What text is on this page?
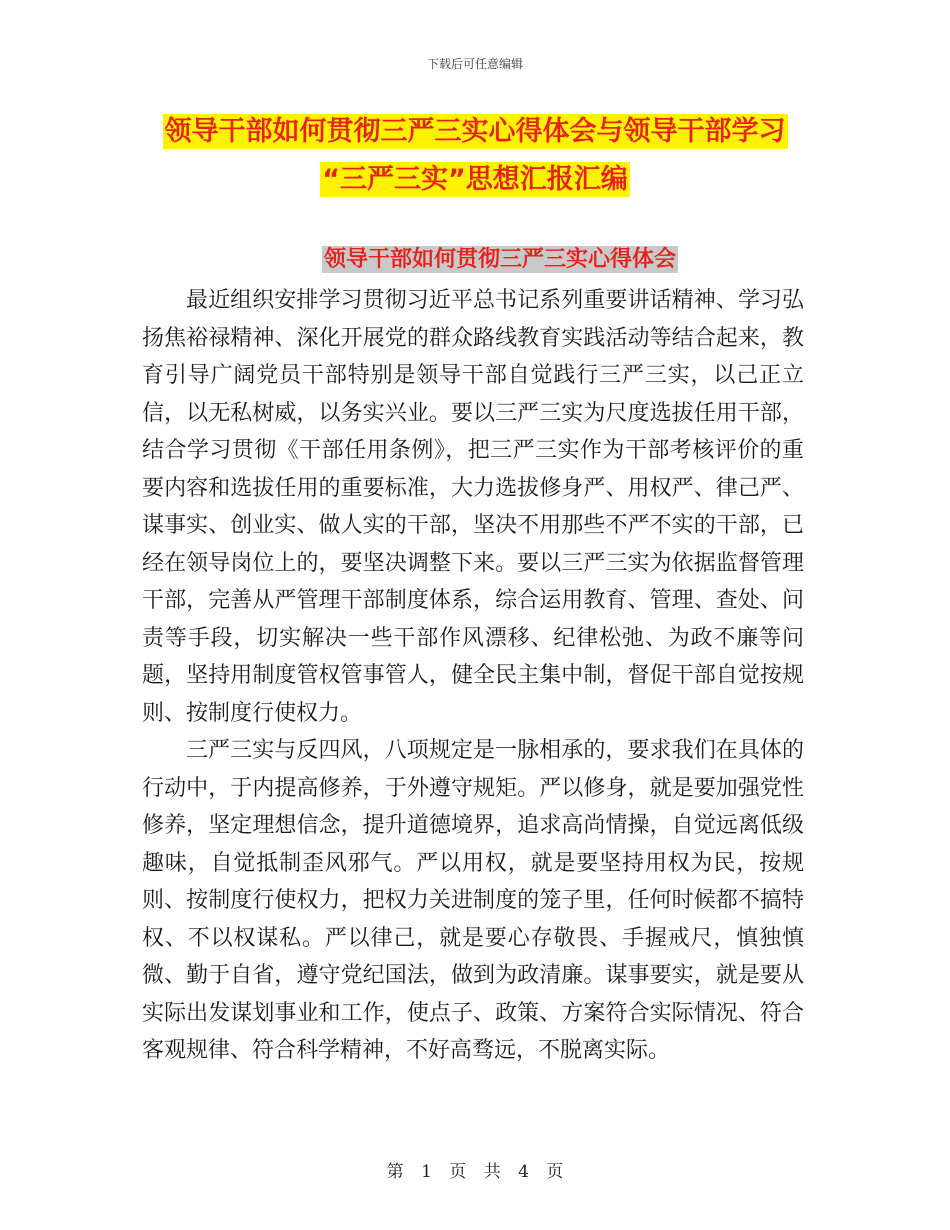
下载后可任意编辑
领导干部如何贯彻三严三实心得体会与领导干部学习
“三严三实”思想汇报汇编
领导干部如何贯彻三严三实心得体会

最近组织安排学习贯彻习近平总书记系列重要讲话精神、学习弘扬焦裕禄精神、深化开展党的群众路线教育实践活动等结合起来，教育引导广阔党员干部特别是领导干部自觉践行三严三实，以己正立信，以无私树威，以务实兴业。要以三严三实为尺度选拔任用干部，结合学习贯彻《干部任用条例》，把三严三实作为干部考核评价的重要内容和选拔任用的重要标准，大力选拔修身严、用权严、律己严、谋事实、创业实、做人实的干部，坚决不用那些不严不实的干部，已经在领导岗位上的，要坚决调整下来。要以三严三实为依据监督管理干部，完善从严管理干部制度体系，综合运用教育、管理、查处、问责等手段，切实解决一些干部作风漂移、纪律松弛、为政不廉等问题，坚持用制度管权管事管人，健全民主集中制，督促干部自觉按规则、按制度行使权力。

三严三实与反四风，八项规定是一脉相承的，要求我们在具体的行动中，于内提高修养，于外遵守规矩。严以修身，就是要加强党性修养，坚定理想信念，提升道德境界，追求高尚情操，自觉远离低级趣味，自觉抵制歪风邪气。严以用权，就是要坚持用权为民，按规则、按制度行使权力，把权力关进制度的笼子里，任何时候都不搞特权、不以权谋私。严以律己，就是要心存敬畏、手握戒尺，慎独慎微、勤于自省，遵守党纪国法，做到为政清廉。谋事要实，就是要从实际出发谋划事业和工作，使点子、政策、方案符合实际情况、符合客观规律、符合科学精神，不好高骛远，不脱离实际。

第 1 页 共 4 页
